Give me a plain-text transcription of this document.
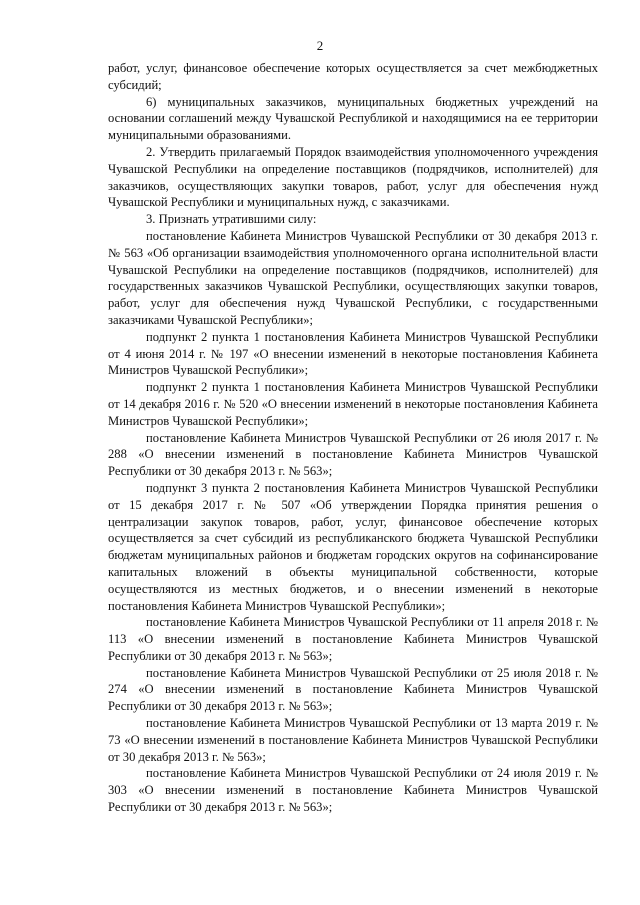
2

работ, услуг, финансовое обеспечение которых осуществляется за счет межбюджетных субсидий;

6) муниципальных заказчиков, муниципальных бюджетных учреждений на основании соглашений между Чувашской Республикой и находящимися на ее территории муниципальными образованиями.

2. Утвердить прилагаемый Порядок взаимодействия уполномоченного учреждения Чувашской Республики на определение поставщиков (подрядчиков, исполнителей) для заказчиков, осуществляющих закупки товаров, работ, услуг для обеспечения нужд Чувашской Республики и муниципальных нужд, с заказчиками.

3. Признать утратившими силу:

постановление Кабинета Министров Чувашской Республики от 30 декабря 2013 г. № 563 «Об организации взаимодействия уполномоченного органа исполнительной власти Чувашской Республики на определение поставщиков (подрядчиков, исполнителей) для государственных заказчиков Чувашской Республики, осуществляющих закупки товаров, работ, услуг для обеспечения нужд Чувашской Республики, с государственными заказчиками Чувашской Республики»;

подпункт 2 пункта 1 постановления Кабинета Министров Чувашской Республики от 4 июня 2014 г. № 197 «О внесении изменений в некоторые постановления Кабинета Министров Чувашской Республики»;

подпункт 2 пункта 1 постановления Кабинета Министров Чувашской Республики от 14 декабря 2016 г. № 520 «О внесении изменений в некоторые постановления Кабинета Министров Чувашской Республики»;

постановление Кабинета Министров Чувашской Республики от 26 июля 2017 г. № 288 «О внесении изменений в постановление Кабинета Министров Чувашской Республики от 30 декабря 2013 г. № 563»;

подпункт 3 пункта 2 постановления Кабинета Министров Чувашской Республики от 15 декабря 2017 г. № 507 «Об утверждении Порядка принятия решения о централизации закупок товаров, работ, услуг, финансовое обеспечение которых осуществляется за счет субсидий из республиканского бюджета Чувашской Республики бюджетам муниципальных районов и бюджетам городских округов на софинансирование капитальных вложений в объекты муниципальной собственности, которые осуществляются из местных бюджетов, и о внесении изменений в некоторые постановления Кабинета Министров Чувашской Республики»;

постановление Кабинета Министров Чувашской Республики от 11 апреля 2018 г. № 113 «О внесении изменений в постановление Кабинета Министров Чувашской Республики от 30 декабря 2013 г. № 563»;

постановление Кабинета Министров Чувашской Республики от 25 июля 2018 г. № 274 «О внесении изменений в постановление Кабинета Министров Чувашской Республики от 30 декабря 2013 г. № 563»;

постановление Кабинета Министров Чувашской Республики от 13 марта 2019 г. № 73 «О внесении изменений в постановление Кабинета Министров Чувашской Республики от 30 декабря 2013 г. № 563»;

постановление Кабинета Министров Чувашской Республики от 24 июля 2019 г. № 303 «О внесении изменений в постановление Кабинета Министров Чувашской Республики от 30 декабря 2013 г. № 563»;
